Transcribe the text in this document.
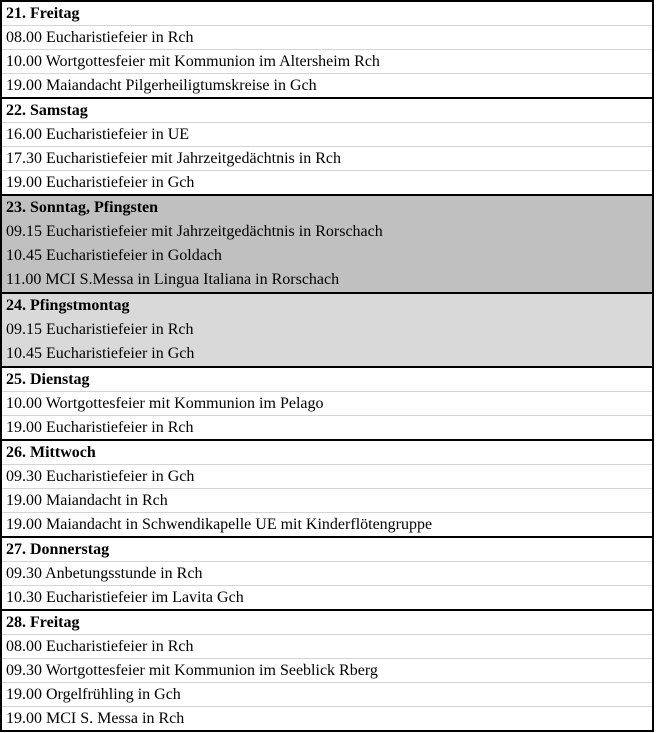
21. Freitag
08.00 Eucharistiefeier in Rch
10.00 Wortgottesfeier mit Kommunion im Altersheim Rch
19.00 Maiandacht Pilgerheiligtumskreise in Gch
22. Samstag
16.00 Eucharistiefeier in UE
17.30 Eucharistiefeier mit Jahrzeitgedächtnis in Rch
19.00 Eucharistiefeier in Gch
23. Sonntag, Pfingsten
09.15 Eucharistiefeier mit Jahrzeitgedächtnis in Rorschach
10.45 Eucharistiefeier in Goldach
11.00 MCI S.Messa in Lingua Italiana in Rorschach
24. Pfingstmontag
09.15 Eucharistiefeier in Rch
10.45 Eucharistiefeier in Gch
25. Dienstag
10.00 Wortgottesfeier mit Kommunion im Pelago
19.00 Eucharistiefeier in Rch
26. Mittwoch
09.30 Eucharistiefeier in Gch
19.00 Maiandacht in Rch
19.00 Maiandacht in Schwendikapelle UE mit Kinderflötengruppe
27. Donnerstag
09.30 Anbetungsstunde in Rch
10.30 Eucharistiefeier im Lavita Gch
28. Freitag
08.00 Eucharistiefeier in Rch
09.30 Wortgottesfeier mit Kommunion im Seeblick Rberg
19.00 Orgelfrühling in Gch
19.00 MCI S. Messa in Rch
